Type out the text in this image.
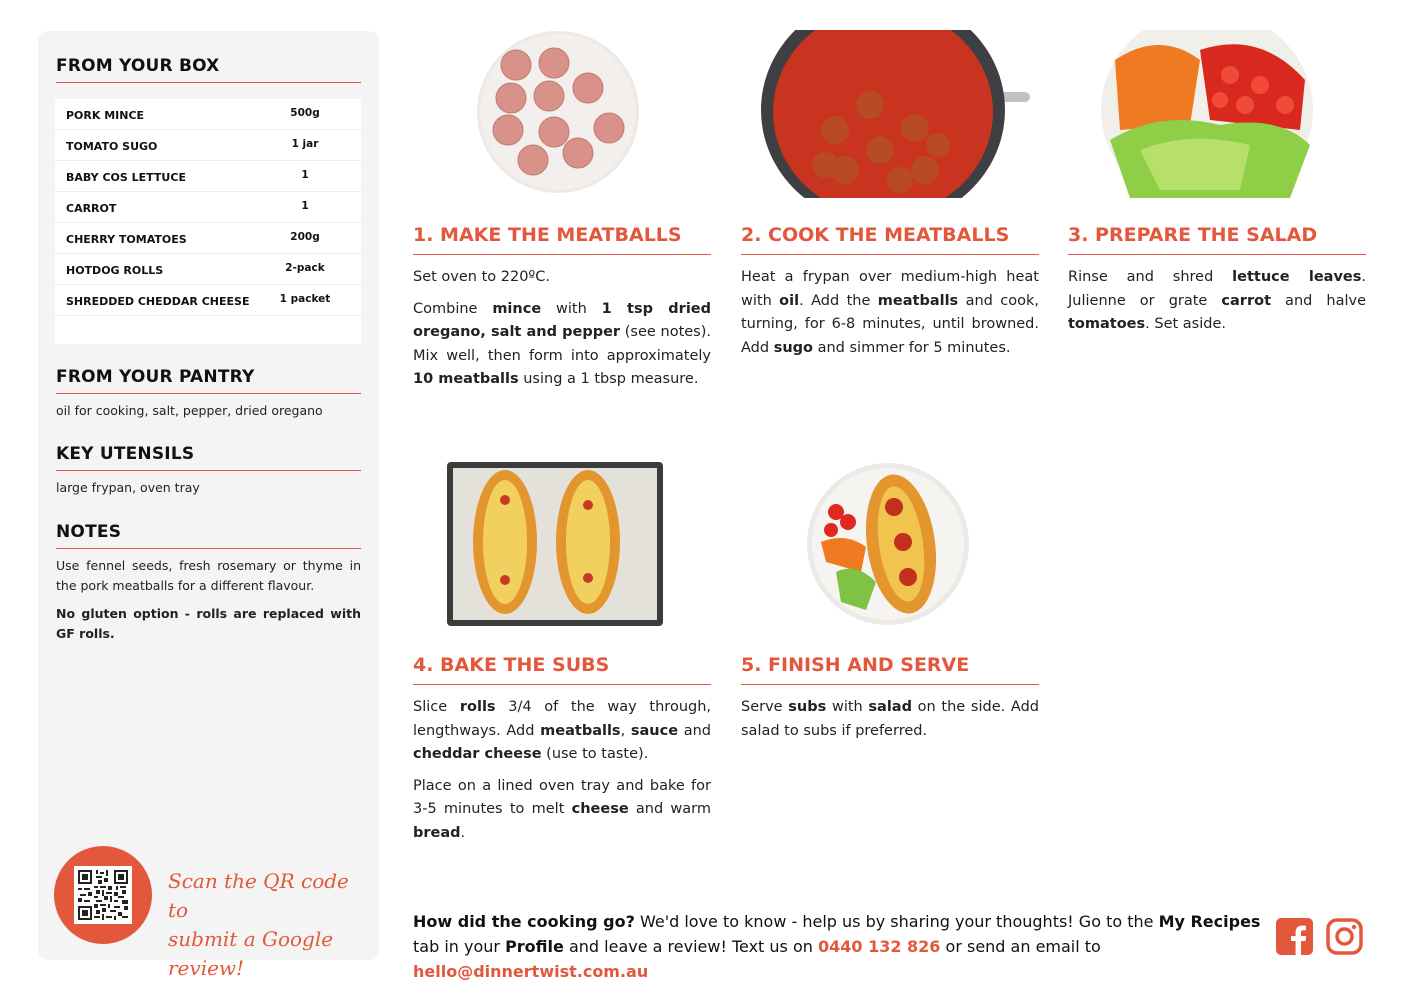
FROM YOUR BOX
PORK MINCE	500g
TOMATO SUGO	1 jar
BABY COS LETTUCE	1
CARROT	1
CHERRY TOMATOES	200g
HOTDOG ROLLS	2-pack
SHREDDED CHEDDAR CHEESE	1 packet
FROM YOUR PANTRY
oil for cooking, salt, pepper, dried oregano
KEY UTENSILS
large frypan, oven tray
NOTES
Use fennel seeds, fresh rosemary or thyme in the pork meatballs for a different flavour.
No gluten option - rolls are replaced with GF rolls.
Scan the QR code to
submit a Google review!
1. MAKE THE MEATBALLS

Set oven to 220ºC.

Combine mince with 1 tsp dried oregano, salt and pepper (see notes). Mix well, then form into approximately 10 meatballs using a 1 tbsp measure.

2. COOK THE MEATBALLS

Heat a frypan over medium-high heat with oil. Add the meatballs and cook, turning, for 6-8 minutes, until browned. Add sugo and simmer for 5 minutes.

3. PREPARE THE SALAD

Rinse and shred lettuce leaves. Julienne or grate carrot and halve tomatoes. Set aside.

4. BAKE THE SUBS

Slice rolls 3/4 of the way through, lengthways. Add meatballs, sauce and cheddar cheese (use to taste).

Place on a lined oven tray and bake for 3-5 minutes to melt cheese and warm bread.

5. FINISH AND SERVE

Serve subs with salad on the side. Add salad to subs if preferred.

How did the cooking go? We'd love to know - help us by sharing your thoughts! Go to the My Recipes tab in your Profile and leave a review! Text us on 0440 132 826 or send an email to hello@dinnertwist.com.au
